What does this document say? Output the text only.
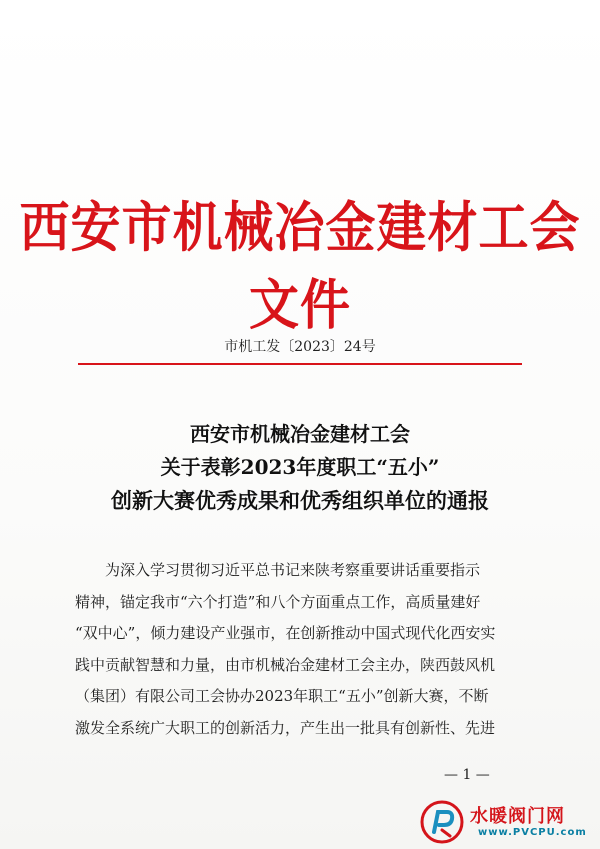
西安市机械冶金建材工会文件
市机工发〔2023〕24号

西安市机械冶金建材工会

关于表彰2023年度职工“五小”

创新大赛优秀成果和优秀组织单位的通报

为深入学习贯彻习近平总书记来陕考察重要讲话重要指示

精神，锚定我市“六个打造”和八个方面重点工作，高质量建好

“双中心”，倾力建设产业强市，在创新推动中国式现代化西安实

践中贡献智慧和力量，由市机械冶金建材工会主办，陕西鼓风机

（集团）有限公司工会协办2023年职工“五小”创新大赛，不断

激发全系统广大职工的创新活力，产生出一批具有创新性、先进

— 1 —
水暖阀门网
www.PVCPU.com
